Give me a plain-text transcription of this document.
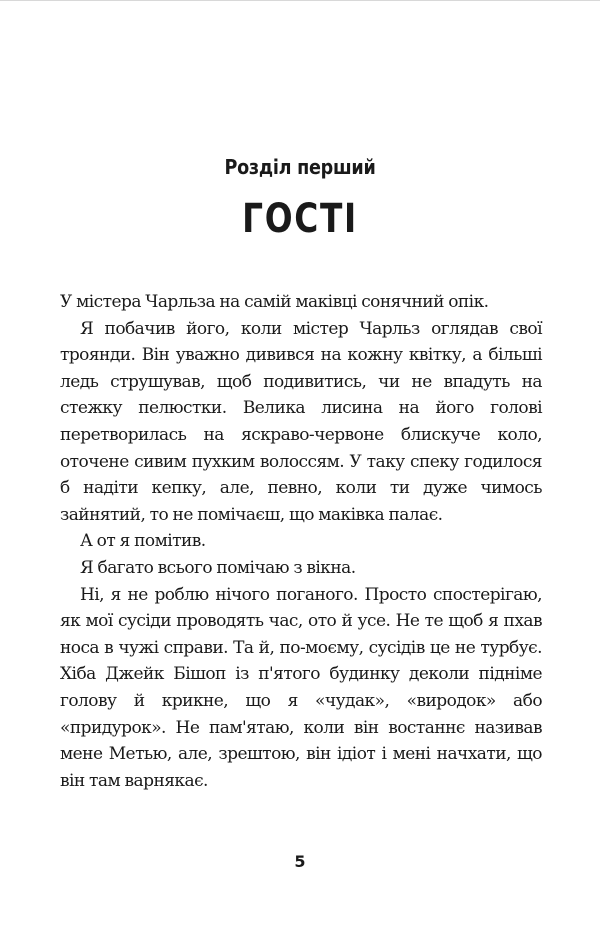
Розділ перший
ГОСТІ

У містера Чарльза на самій маківці сонячний опік.

Я побачив його, коли містер Чарльз оглядав свої троянди. Він уважно дивився на кожну квітку, а більші ледь струшував, щоб подивитись, чи не впадуть на стежку пелюстки. Велика лисина на його голові перетворилась на яскраво-червоне блискуче коло, оточене сивим пухким волоссям. У таку спеку годилося б надіти кепку, але, певно, коли ти дуже чимось зайнятий, то не помічаєш, що маківка палає.

А от я помітив.

Я багато всього помічаю з вікна.

Ні, я не роблю нічого поганого. Просто спостерігаю, як мої сусіди проводять час, ото й усе. Не те щоб я пхав носа в чужі справи. Та й, по-моєму, сусідів це не турбує. Хіба Джейк Бішоп із п'ятого будинку деколи підніме голову й крикне, що я «чудак», «виродок» або «придурок». Не пам'ятаю, коли він востаннє називав мене Метью, але, зрештою, він ідіот і мені начхати, що він там варнякає.

5
